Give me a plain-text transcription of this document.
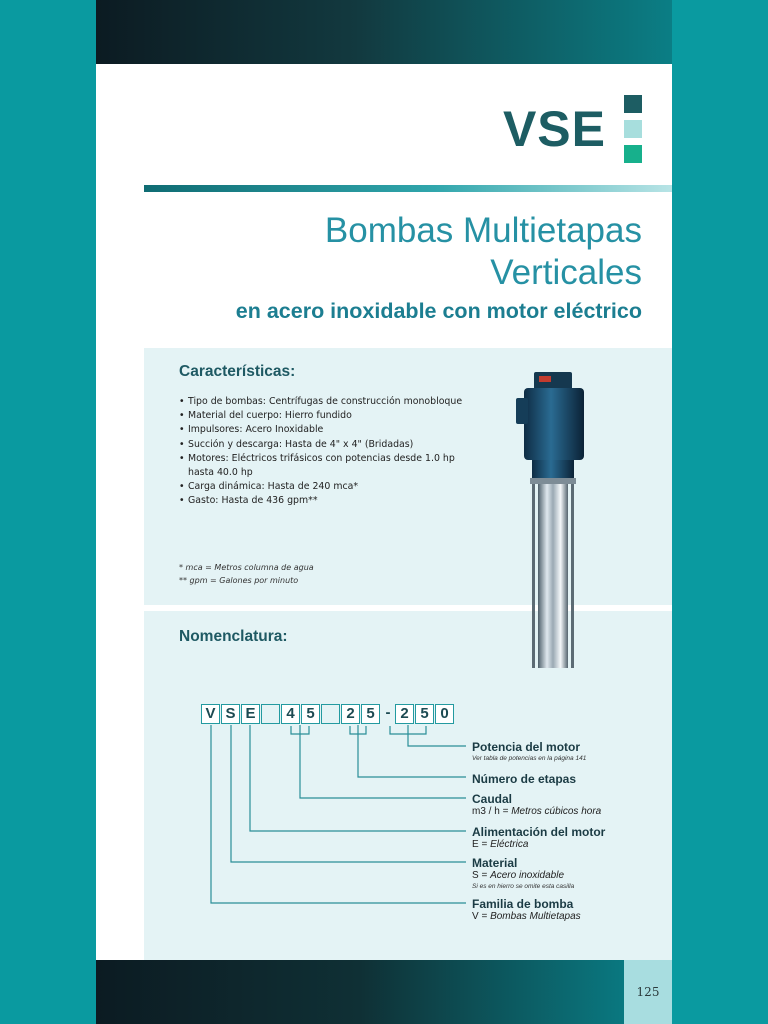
VSE
Bombas Multietapas
Verticales
en acero inoxidable con motor eléctrico
Características:
• Tipo de bombas: Centrífugas de construcción monobloque
• Material del cuerpo: Hierro fundido
• Impulsores: Acero Inoxidable
• Succión y descarga: Hasta de 4" x 4" (Bridadas)
• Motores: Eléctricos trifásicos con potencias desde 1.0 hp hasta 40.0 hp
• Carga dinámica: Hasta de 240 mca*
• Gasto: Hasta de 436 gpm**
* mca = Metros columna de agua
** gpm = Galones por minuto
Nomenclatura:
V S E	4 5	2 5 - 2 5 0
Potencia del motor
Ver tabla de potencias en la página 141
Número de etapas
Caudal
m3 / h = Metros cúbicos hora
Alimentación del motor
E = Eléctrica
Material
S = Acero inoxidable
Si es en hierro se omite esta casilla
Familia de bomba
V = Bombas Multietapas
125
